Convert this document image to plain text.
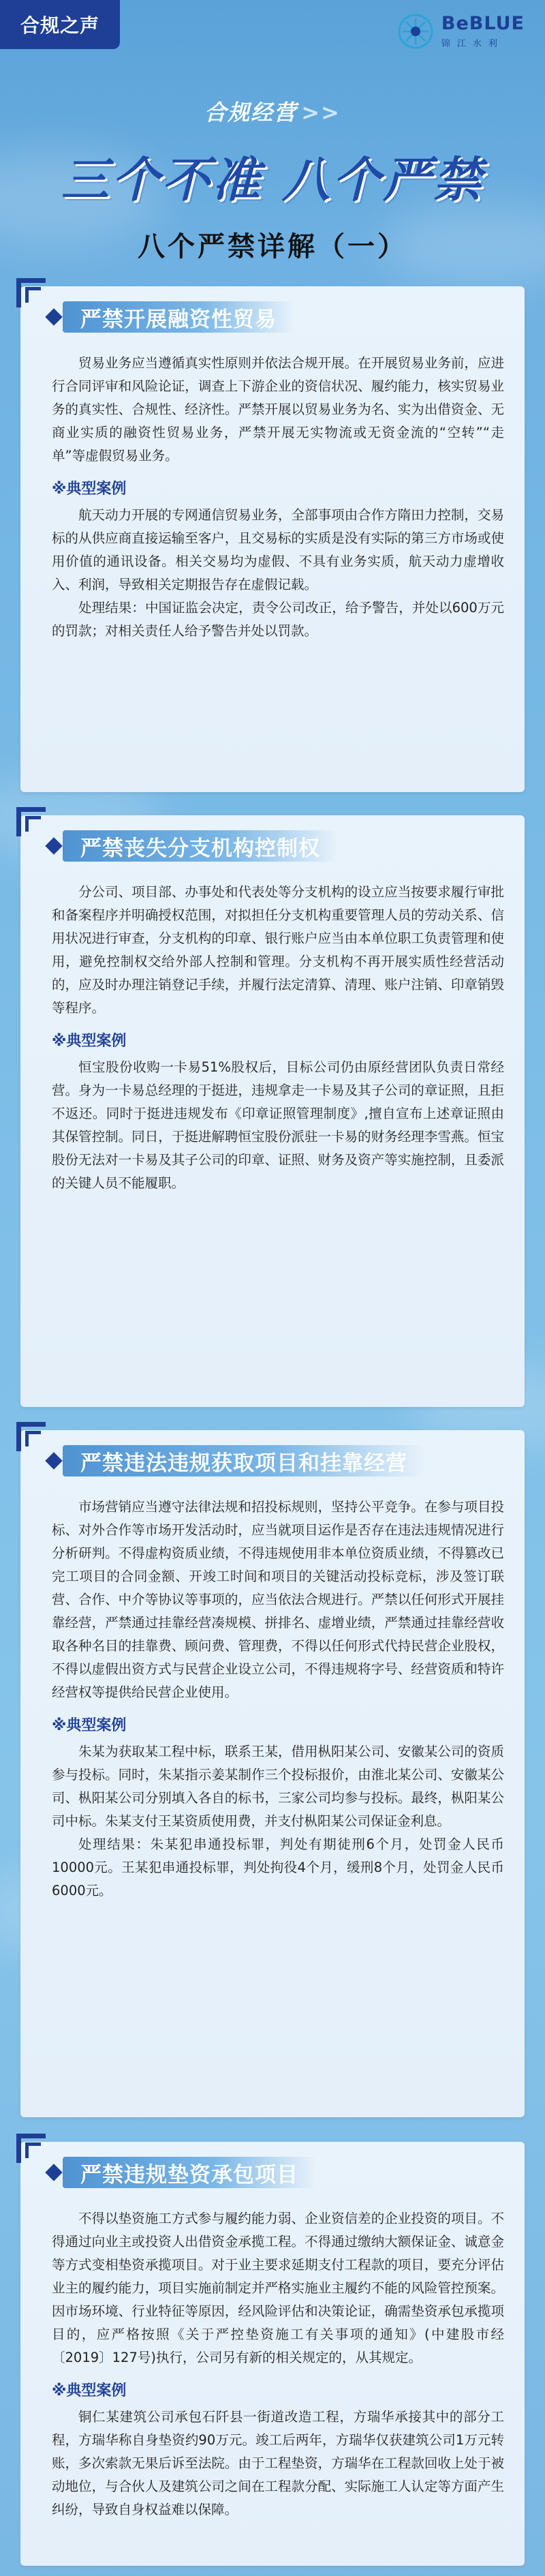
合规之声	BeBLUE
锦江水利
合规经营 >>
三个不准 八个严禁
八个严禁详解（一）
严禁开展融资性贸易

贸易业务应当遵循真实性原则并依法合规开展。在开展贸易业务前，应进行合同评审和风险论证，调查上下游企业的资信状况、履约能力，核实贸易业务的真实性、合规性、经济性。严禁开展以贸易业务为名、实为出借资金、无商业实质的融资性贸易业务，严禁开展无实物流或无资金流的“空转”“走单”等虚假贸易业务。

※典型案例

航天动力开展的专网通信贸易业务，全部事项由合作方隋田力控制，交易标的从供应商直接运输至客户，且交易标的实质是没有实际的第三方市场或使用价值的通讯设备。相关交易均为虚假、不具有业务实质，航天动力虚增收入、利润，导致相关定期报告存在虚假记载。

处理结果：中国证监会决定，责令公司改正，给予警告，并处以600万元的罚款；对相关责任人给予警告并处以罚款。

严禁丧失分支机构控制权

分公司、项目部、办事处和代表处等分支机构的设立应当按要求履行审批和备案程序并明确授权范围，对拟担任分支机构重要管理人员的劳动关系、信用状况进行审查，分支机构的印章、银行账户应当由本单位职工负责管理和使用，避免控制权交给外部人控制和管理。分支机构不再开展实质性经营活动的，应及时办理注销登记手续，并履行法定清算、清理、账户注销、印章销毁等程序。

※典型案例

恒宝股份收购一卡易51%股权后，目标公司仍由原经营团队负责日常经营。身为一卡易总经理的于挺进，违规拿走一卡易及其子公司的章证照，且拒不返还。同时于挺进违规发布《印章证照管理制度》,擅自宣布上述章证照由其保管控制。同日，于挺进解聘恒宝股份派驻一卡易的财务经理李雪燕。恒宝股份无法对一卡易及其子公司的印章、证照、财务及资产等实施控制，且委派的关键人员不能履职。

严禁违法违规获取项目和挂靠经营

市场营销应当遵守法律法规和招投标规则，坚持公平竞争。在参与项目投标、对外合作等市场开发活动时，应当就项目运作是否存在违法违规情况进行分析研判。不得虚构资质业绩，不得违规使用非本单位资质业绩，不得篡改已完工项目的合同金额、开竣工时间和项目的关键活动投标竞标，涉及签订联营、合作、中介等协议等事项的，应当依法合规进行。严禁以任何形式开展挂靠经营，严禁通过挂靠经营凑规模、拼排名、虚增业绩，严禁通过挂靠经营收取各种名目的挂靠费、顾问费、管理费，不得以任何形式代持民营企业股权，不得以虚假出资方式与民营企业设立公司，不得违规将字号、经营资质和特许经营权等提供给民营企业使用。

※典型案例

朱某为获取某工程中标，联系王某，借用枞阳某公司、安徽某公司的资质参与投标。同时，朱某指示姜某制作三个投标报价，由淮北某公司、安徽某公司、枞阳某公司分别填入各自的标书，三家公司均参与投标。最终，枞阳某公司中标。朱某支付王某资质使用费，并支付枞阳某公司保证金利息。

处理结果：朱某犯串通投标罪，判处有期徒刑6个月，处罚金人民币10000元。王某犯串通投标罪，判处拘役4个月，缓刑8个月，处罚金人民币6000元。

严禁违规垫资承包项目

不得以垫资施工方式参与履约能力弱、企业资信差的企业投资的项目。不得通过向业主或投资人出借资金承揽工程。不得通过缴纳大额保证金、诚意金等方式变相垫资承揽项目。对于业主要求延期支付工程款的项目，要充分评估业主的履约能力，项目实施前制定并严格实施业主履约不能的风险管控预案。因市场环境、行业特征等原因，经风险评估和决策论证，确需垫资承包承揽项目的，应严格按照《关于严控垫资施工有关事项的通知》(中建股市经〔2019〕127号)执行，公司另有新的相关规定的，从其规定。

※典型案例

铜仁某建筑公司承包石阡县一街道改造工程，方瑞华承接其中的部分工程，方瑞华称自身垫资约90万元。竣工后两年，方瑞华仅获建筑公司1万元转账，多次索款无果后诉至法院。由于工程垫资，方瑞华在工程款回收上处于被动地位，与合伙人及建筑公司之间在工程款分配、实际施工人认定等方面产生纠纷，导致自身权益难以保障。
